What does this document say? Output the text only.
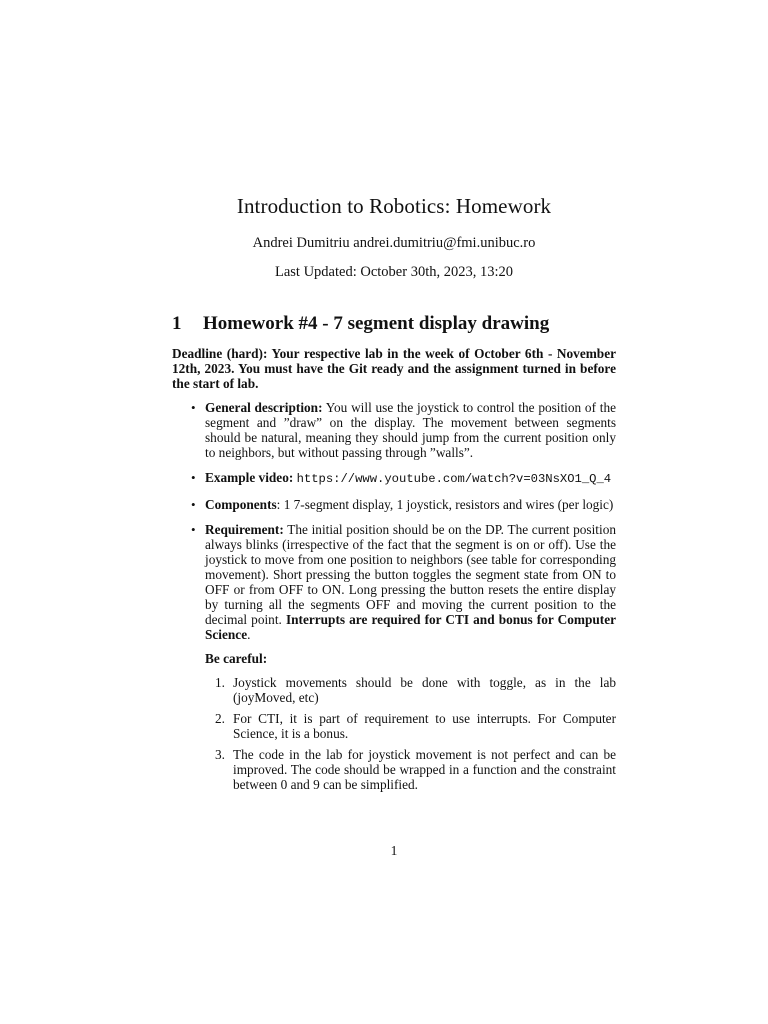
Introduction to Robotics: Homework
Andrei Dumitriu andrei.dumitriu@fmi.unibuc.ro
Last Updated: October 30th, 2023, 13:20
1 Homework #4 - 7 segment display drawing
Deadline (hard): Your respective lab in the week of October 6th - November 12th, 2023. You must have the Git ready and the assignment turned in before the start of lab.
• General description: You will use the joystick to control the position of the segment and ”draw” on the display. The movement between segments should be natural, meaning they should jump from the current position only to neighbors, but without passing through ”walls”.
• Example video: https://www.youtube.com/watch?v=03NsXO1_Q_4
• Components: 1 7-segment display, 1 joystick, resistors and wires (per logic)
• Requirement: The initial position should be on the DP. The current position always blinks (irrespective of the fact that the segment is on or off). Use the joystick to move from one position to neighbors (see table for corresponding movement). Short pressing the button toggles the segment state from ON to OFF or from OFF to ON. Long pressing the button resets the entire display by turning all the segments OFF and moving the current position to the decimal point. Interrupts are required for CTI and bonus for Computer Science.
Be careful:
1. Joystick movements should be done with toggle, as in the lab (joyMoved, etc)
2. For CTI, it is part of requirement to use interrupts. For Computer Science, it is a bonus.
3. The code in the lab for joystick movement is not perfect and can be improved. The code should be wrapped in a function and the constraint between 0 and 9 can be simplified.
1
